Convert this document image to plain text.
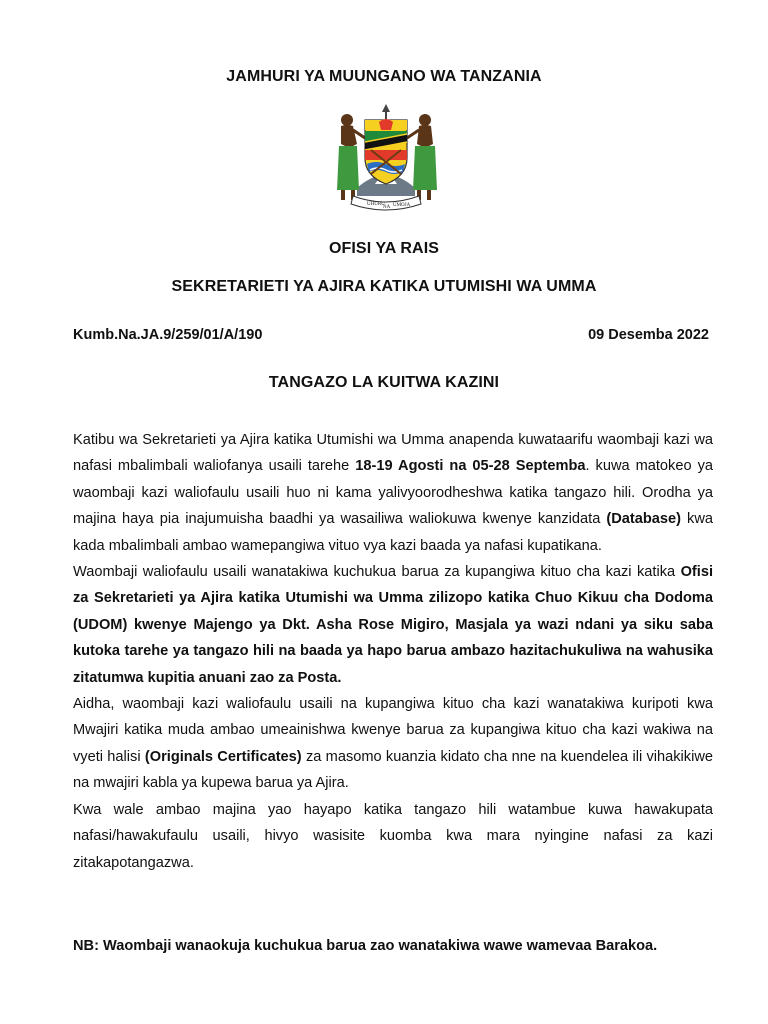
JAMHURI YA MUUNGANO WA TANZANIA
UHURU
NA UMOJA
OFISI YA RAIS
SEKRETARIETI YA AJIRA KATIKA UTUMISHI WA UMMA
Kumb.Na.JA.9/259/01/A/190	09 Desemba 2022
TANGAZO LA KUITWA KAZINI

Katibu wa Sekretarieti ya Ajira katika Utumishi wa Umma anapenda kuwataarifu waombaji kazi wa nafasi mbalimbali waliofanya usaili tarehe 18-19 Agosti na 05-28 Septemba. kuwa matokeo ya waombaji kazi waliofaulu usaili huo ni kama yalivyoorodheshwa katika tangazo hili. Orodha ya majina haya pia inajumuisha baadhi ya wasailiwa waliokuwa kwenye kanzidata (Database) kwa kada mbalimbali ambao wamepangiwa vituo vya kazi baada ya nafasi kupatikana.

Waombaji waliofaulu usaili wanatakiwa kuchukua barua za kupangiwa kituo cha kazi katika Ofisi za Sekretarieti ya Ajira katika Utumishi wa Umma zilizopo katika Chuo Kikuu cha Dodoma (UDOM) kwenye Majengo ya Dkt. Asha Rose Migiro, Masjala ya wazi ndani ya siku saba kutoka tarehe ya tangazo hili na baada ya hapo barua ambazo hazitachukuliwa na wahusika zitatumwa kupitia anuani zao za Posta.

Aidha, waombaji kazi waliofaulu usaili na kupangiwa kituo cha kazi wanatakiwa kuripoti kwa Mwajiri katika muda ambao umeainishwa kwenye barua za kupangiwa kituo cha kazi wakiwa na vyeti halisi (Originals Certificates) za masomo kuanzia kidato cha nne na kuendelea ili vihakikiwe na mwajiri kabla ya kupewa barua ya Ajira.

Kwa wale ambao majina yao hayapo katika tangazo hili watambue kuwa hawakupata nafasi/hawakufaulu usaili, hivyo wasisite kuomba kwa mara nyingine nafasi za kazi zitakapotangazwa.

NB: Waombaji wanaokuja kuchukua barua zao wanatakiwa wawe wamevaa Barakoa.
